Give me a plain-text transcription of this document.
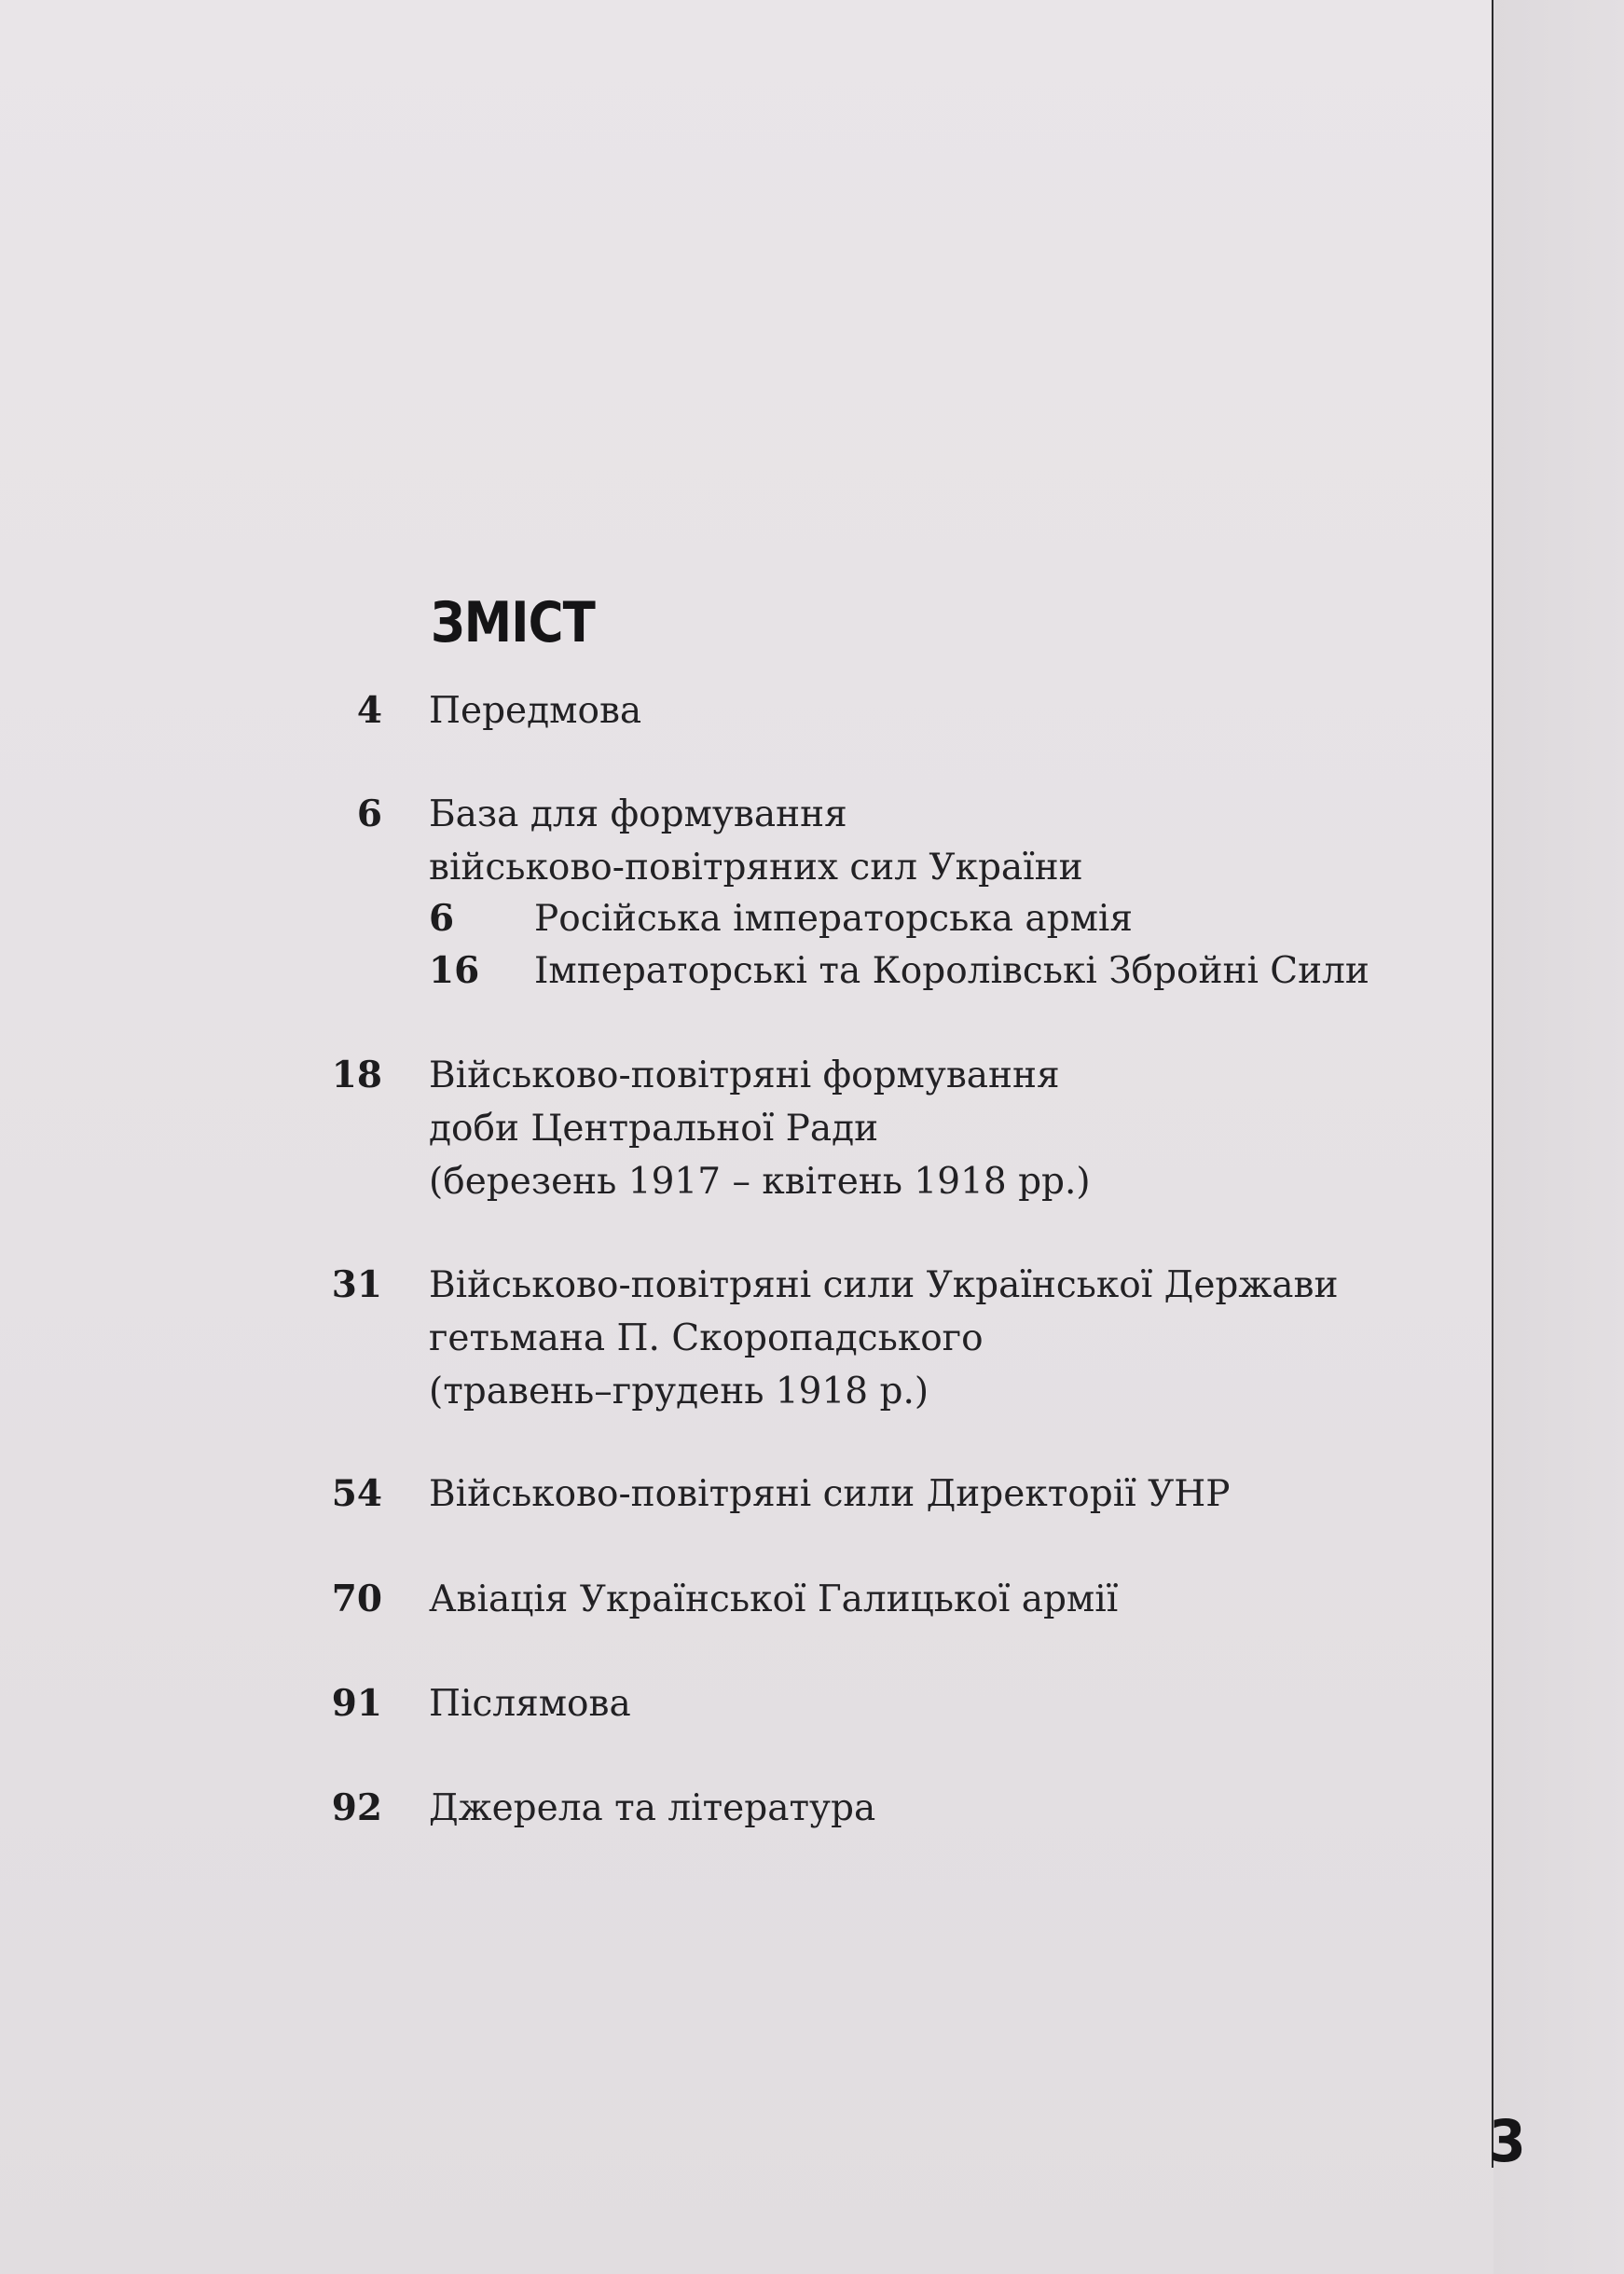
ЗМІСТ
4 Передмова
6 База для формування
військово-повітряних сил України
6 Російська імператорська армія
16 Імператорські та Королівські Збройні Сили
18 Військово-повітряні формування
доби Центральної Ради
(березень 1917 – квітень 1918 рр.)
31 Військово-повітряні сили Української Держави
гетьмана П. Скоропадського
(травень–грудень 1918 р.)
54 Військово-повітряні сили Директорії УНР
70 Авіація Української Галицької армії
91 Післямова
92 Джерела та література
3
